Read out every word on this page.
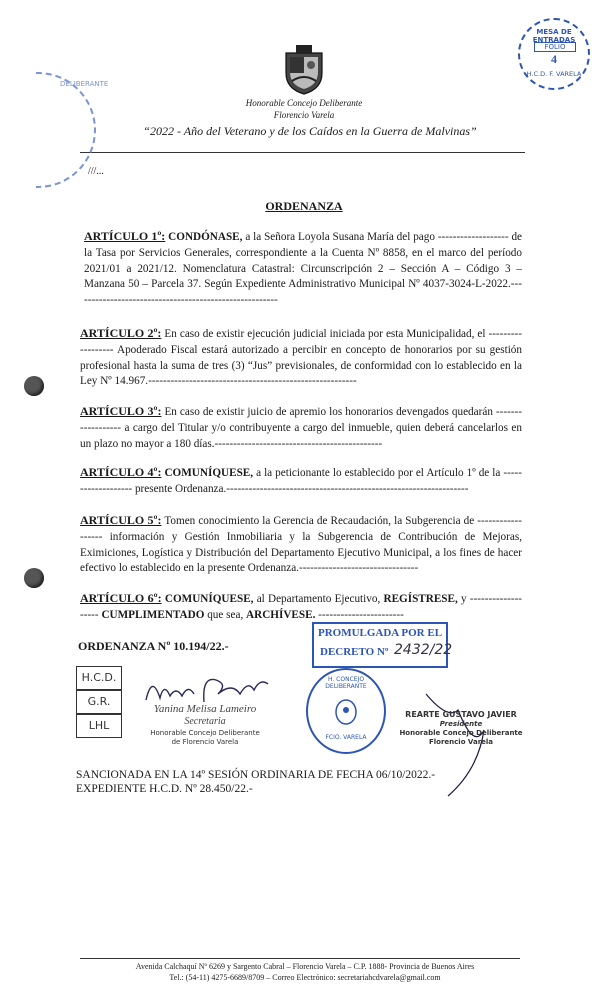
Honorable Concejo Deliberante
Florencio Varela
“2022 - Año del Veterano y de los Caídos en la Guerra de Malvinas”
///...
MESA DE ENTRADAS
FOLIO
4
H.C.D. F. VARELA
DELIBERANTE
ORDENANZA
ARTÍCULO 1º: CONDÓNASE, a la Señora Loyola Susana María del pago ------------------- de la Tasa por Servicios Generales, correspondiente a la Cuenta Nº 8858, en el marco del período 2021/01 a 2021/12. Nomenclatura Catastral: Circunscripción 2 – Sección A – Código 3 – Manzana 50 – Parcela 37. Según Expediente Administrativo Municipal Nº 4037-3024-L-2022.-------------------------------------------------------
ARTÍCULO 2º: En caso de existir ejecución judicial iniciada por esta Municipalidad, el ------------------ Apoderado Fiscal estará autorizado a percibir en concepto de honorarios por su gestión profesional hasta la suma de tres (3) “Jus” previsionales, de conformidad con lo establecido en la Ley Nº 14.967.--------------------------------------------------------
ARTÍCULO 3º: En caso de existir juicio de apremio los honorarios devengados quedarán ------------------ a cargo del Titular y/o contribuyente a cargo del inmueble, quien deberá cancelarlos en un plazo no mayor a 180 días.---------------------------------------------
ARTÍCULO 4º: COMUNÍQUESE, a la peticionante lo establecido por el Artículo 1º de la ------------------- presente Ordenanza.-----------------------------------------------------------------
ARTÍCULO 5º: Tomen conocimiento la Gerencia de Recaudación, la Subgerencia de ------------------ información y Gestión Inmobiliaria y la Subgerencia de Contribución de Mejoras, Eximiciones, Logística y Distribución del Departamento Ejecutivo Municipal, a los fines de hacer efectivo lo establecido en la presente Ordenanza.--------------------------------
ARTÍCULO 6º: COMUNÍQUESE, al Departamento Ejecutivo, REGÍSTRESE, y ------------------- CUMPLIMENTADO que sea, ARCHÍVESE. -----------------------
ORDENANZA Nº 10.194/22.-
PROMULGADA POR EL
DECRETO Nº 2432/22
H.C.D.
G.R.
LHL
Yanina Melisa Lameiro
Secretaria
Honorable Concejo Deliberante
de Florencio Varela
H. CONCEJO DELIBERANTE
FCIO. VARELA
REARTE GUSTAVO JAVIER
Presidente
Honorable Concejo Deliberante
Florencio Varela
SANCIONADA EN LA 14º SESIÓN ORDINARIA DE FECHA 06/10/2022.-
EXPEDIENTE H.C.D. Nº 28.450/22.-
Avenida Calchaquí Nº 6269 y Sargento Cabral – Florencio Varela – C.P. 1888- Provincia de Buenos Aires
Tel.: (54-11) 4275-6689/8709 – Correo Electrónico: secretariahcdvarela@gmail.com
